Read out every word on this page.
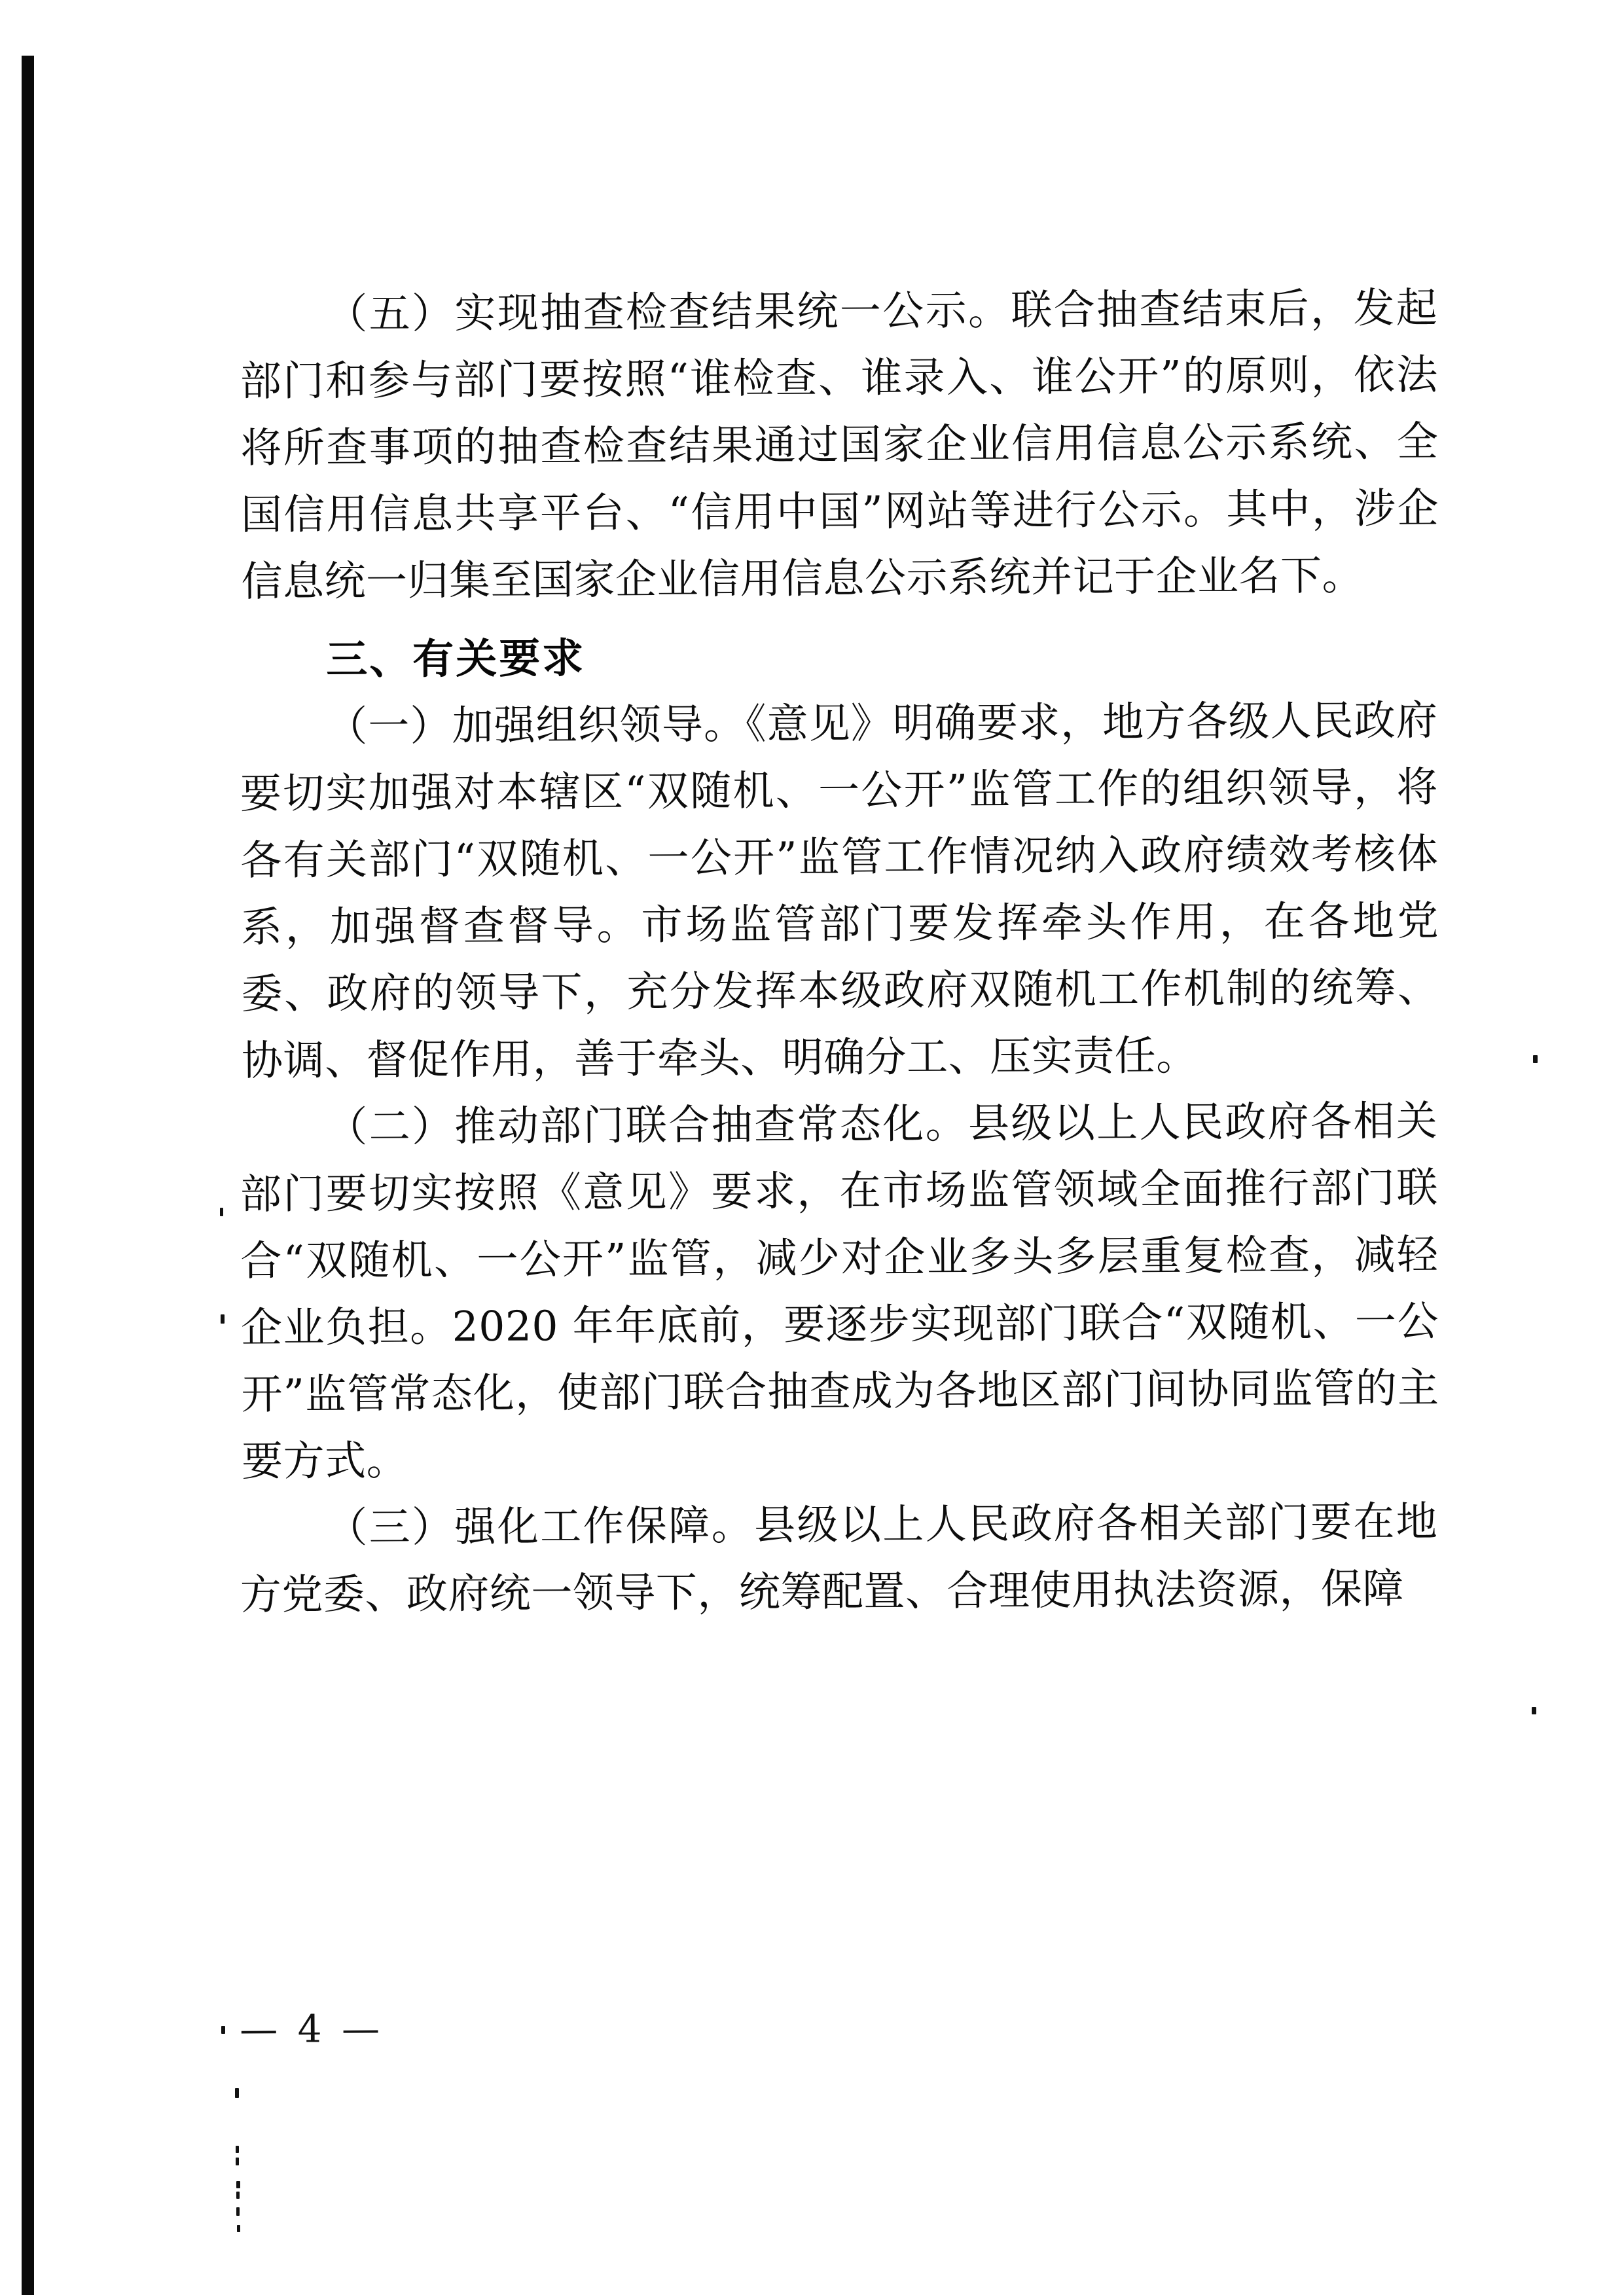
（五）实现抽查检查结果统一公示。联合抽查结束后，发起部门和参与部门要按照“谁检查、谁录入、谁公开”的原则，依法将所查事项的抽查检查结果通过国家企业信用信息公示系统、全国信用信息共享平台、“信用中国”网站等进行公示。其中，涉企信息统一归集至国家企业信用信息公示系统并记于企业名下。

三、有关要求

（一）加强组织领导。《意见》明确要求，地方各级人民政府要切实加强对本辖区“双随机、一公开”监管工作的组织领导，将各有关部门“双随机、一公开”监管工作情况纳入政府绩效考核体系，加强督查督导。市场监管部门要发挥牵头作用，在各地党委、政府的领导下，充分发挥本级政府双随机工作机制的统筹、协调、督促作用，善于牵头、明确分工、压实责任。

（二）推动部门联合抽查常态化。县级以上人民政府各相关部门要切实按照《意见》要求，在市场监管领域全面推行部门联合“双随机、一公开”监管，减少对企业多头多层重复检查，减轻企业负担。2020 年年底前，要逐步实现部门联合“双随机、一公开”监管常态化，使部门联合抽查成为各地区部门间协同监管的主要方式。

（三）强化工作保障。县级以上人民政府各相关部门要在地方党委、政府统一领导下，统筹配置、合理使用执法资源，保障

— 4 —
